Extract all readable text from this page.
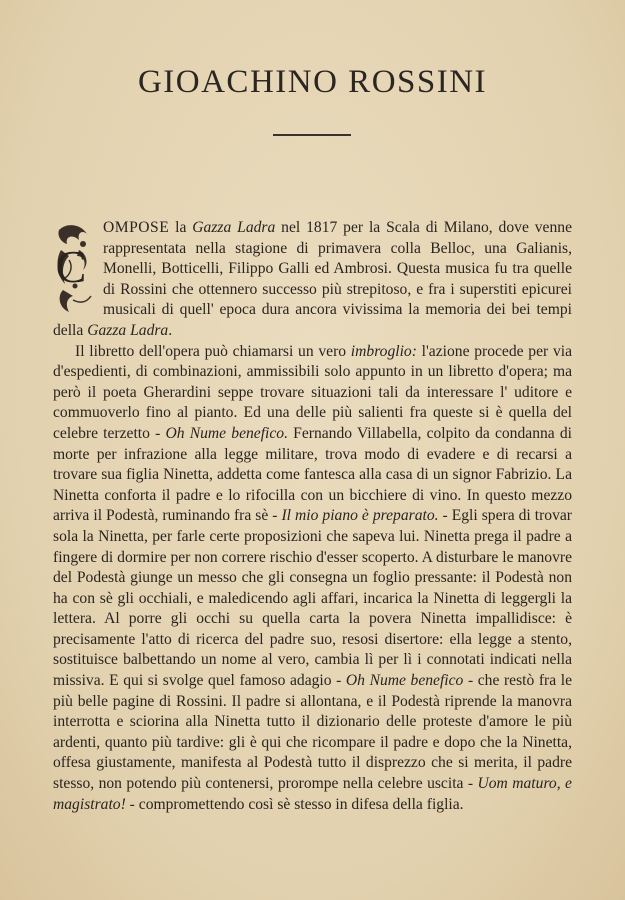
GIOACHINO ROSSINI

C
OMPOSE la Gazza Ladra nel 1817 per la Scala di Milano, dove venne rappresentata nella stagione di primavera colla Belloc, una Galianis, Monelli, Botticelli, Filippo Galli ed Ambrosi. Questa musica fu tra quelle di Rossini che ottennero successo più strepitoso, e fra i superstiti epicurei musicali di quell' epoca dura ancora vivissima la memoria dei bei tempi della Gazza Ladra.

Il libretto dell'opera può chiamarsi un vero imbroglio: l'azione procede per via d'espedienti, di combinazioni, ammissibili solo appunto in un libretto d'opera; ma però il poeta Gherardini seppe trovare situazioni tali da interessare l' uditore e commuoverlo fino al pianto. Ed una delle più salienti fra queste si è quella del celebre terzetto - Oh Nume benefico. Fernando Villabella, colpito da condanna di morte per infrazione alla legge militare, trova modo di evadere e di recarsi a trovare sua figlia Ninetta, addetta come fantesca alla casa di un signor Fabrizio. La Ninetta conforta il padre e lo rifocilla con un bicchiere di vino. In questo mezzo arriva il Podestà, ruminando fra sè - Il mio piano è preparato. - Egli spera di trovar sola la Ninetta, per farle certe proposizioni che sapeva lui. Ninetta prega il padre a fingere di dormire per non correre rischio d'esser scoperto. A disturbare le manovre del Podestà giunge un messo che gli consegna un foglio pressante: il Podestà non ha con sè gli occhiali, e maledicendo agli affari, incarica la Ninetta di leggergli la lettera. Al porre gli occhi su quella carta la povera Ninetta impallidisce: è precisamente l'atto di ricerca del padre suo, resosi disertore: ella legge a stento, sostituisce balbettando un nome al vero, cambia lì per lì i connotati indicati nella missiva. E qui si svolge quel famoso adagio - Oh Nume benefico - che restò fra le più belle pagine di Rossini. Il padre si allontana, e il Podestà riprende la manovra interrotta e sciorina alla Ninetta tutto il dizionario delle proteste d'amore le più ardenti, quanto più tardive: gli è qui che ricompare il padre e dopo che la Ninetta, offesa giustamente, manifesta al Podestà tutto il disprezzo che si merita, il padre stesso, non potendo più contenersi, prorompe nella celebre uscita - Uom maturo, e magistrato! - compromettendo così sè stesso in difesa della figlia.
